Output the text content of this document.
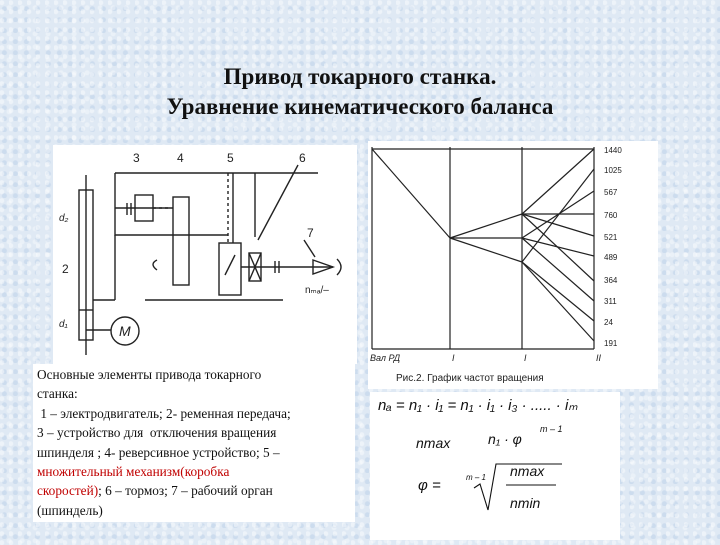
Привод токарного станка.
Уравнение кинематического баланса
3	4	5	6
7
2
M
d₂
d₁
nₘₐ/–
Основные элементы привода токарного
станка:
1 – электродвигатель; 2- ременная передача;
3 – устройство для  отключения вращения
шпинделя ; 4- реверсивное устройство; 5 –
множительный механизм(коробка
скоростей); 6 – тормоз; 7 – рабочий орган
(шпиндель)
1440
1025
567
760
521
489
364
311
24
191
Вал РД	I	I	II
Рис.2. График частот вращения
nₐ = n₁ · i₁ = n₁ · i₁ · i₃ · ..... · iₘ
nmax	n₁ · φ
m – 1
φ =	m – 1 nmax
nmin
